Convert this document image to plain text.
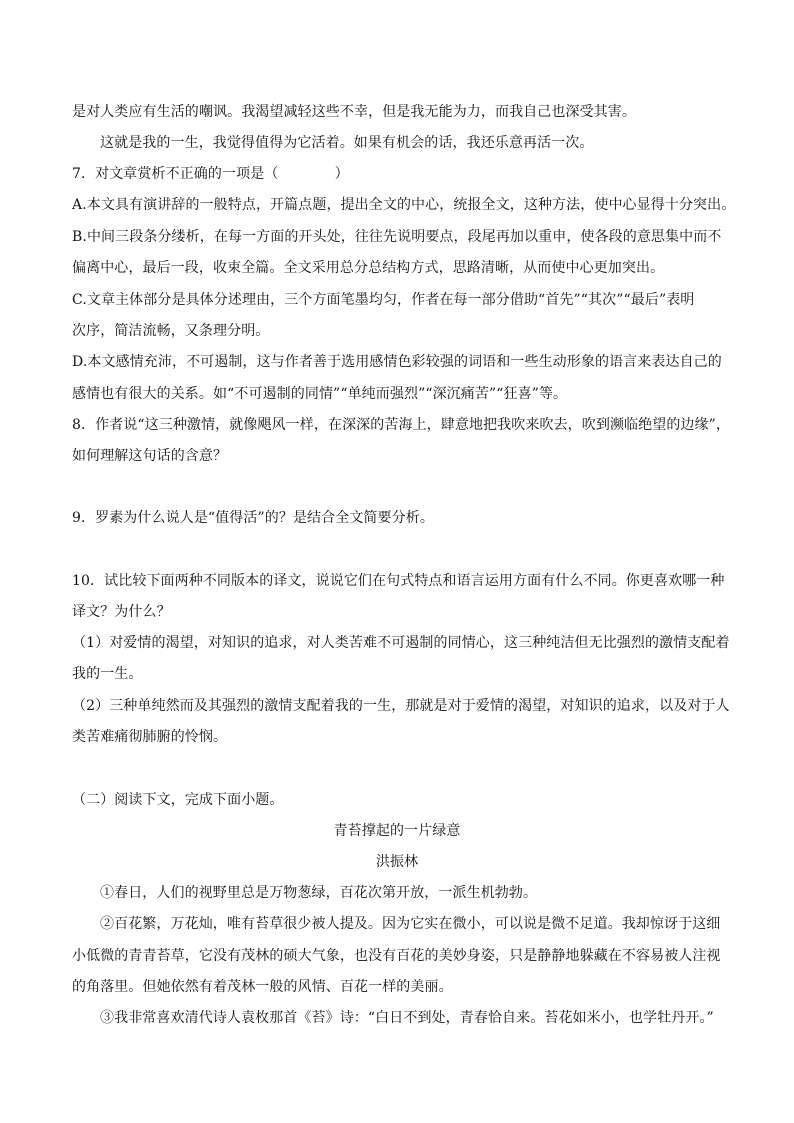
是对人类应有生活的嘲讽。我渴望减轻这些不幸，但是我无能为力，而我自己也深受其害。
这就是我的一生，我觉得值得为它活着。如果有机会的话，我还乐意再活一次。
7．对文章赏析不正确的一项是（　　　　）
A.本文具有演讲辞的一般特点，开篇点题，提出全文的中心，统报全文，这种方法，使中心显得十分突出。
B.中间三段条分缕析，在每一方面的开头处，往往先说明要点，段尾再加以重申，使各段的意思集中而不
偏离中心，最后一段，收束全篇。全文采用总分总结构方式，思路清晰，从而使中心更加突出。
C.文章主体部分是具体分述理由，三个方面笔墨均匀，作者在每一部分借助“首先”“其次”“最后”表明
次序，简洁流畅，又条理分明。
D.本文感情充沛，不可遏制，这与作者善于选用感情色彩较强的词语和一些生动形象的语言来表达自己的
感情也有很大的关系。如“不可遏制的同情”“单纯而强烈”“深沉痛苦”“狂喜”等。
8．作者说“这三种激情，就像飓风一样，在深深的苦海上，肆意地把我吹来吹去，吹到濒临绝望的边缘”，
如何理解这句话的含意？
9．罗素为什么说人是“值得活”的？是结合全文简要分析。
10．试比较下面两种不同版本的译文，说说它们在句式特点和语言运用方面有什么不同。你更喜欢哪一种
译文？为什么？
（1）对爱情的渴望，对知识的追求，对人类苦难不可遏制的同情心，这三种纯洁但无比强烈的激情支配着
我的一生。
（2）三种单纯然而及其强烈的激情支配着我的一生，那就是对于爱情的渴望，对知识的追求，以及对于人
类苦难痛彻肺腑的怜悯。
（二）阅读下文，完成下面小题。
青苔撑起的一片绿意
洪振林
①春日，人们的视野里总是万物葱绿，百花次第开放，一派生机勃勃。
②百花繁，万花灿，唯有苔草很少被人提及。因为它实在微小，可以说是微不足道。我却惊讶于这细
小低微的青青苔草，它没有茂林的硕大气象，也没有百花的美妙身姿，只是静静地躲藏在不容易被人注视
的角落里。但她依然有着茂林一般的风情、百花一样的美丽。
③我非常喜欢清代诗人袁枚那首《苔》诗：“白日不到处，青春恰自来。苔花如米小，也学牡丹开。”
